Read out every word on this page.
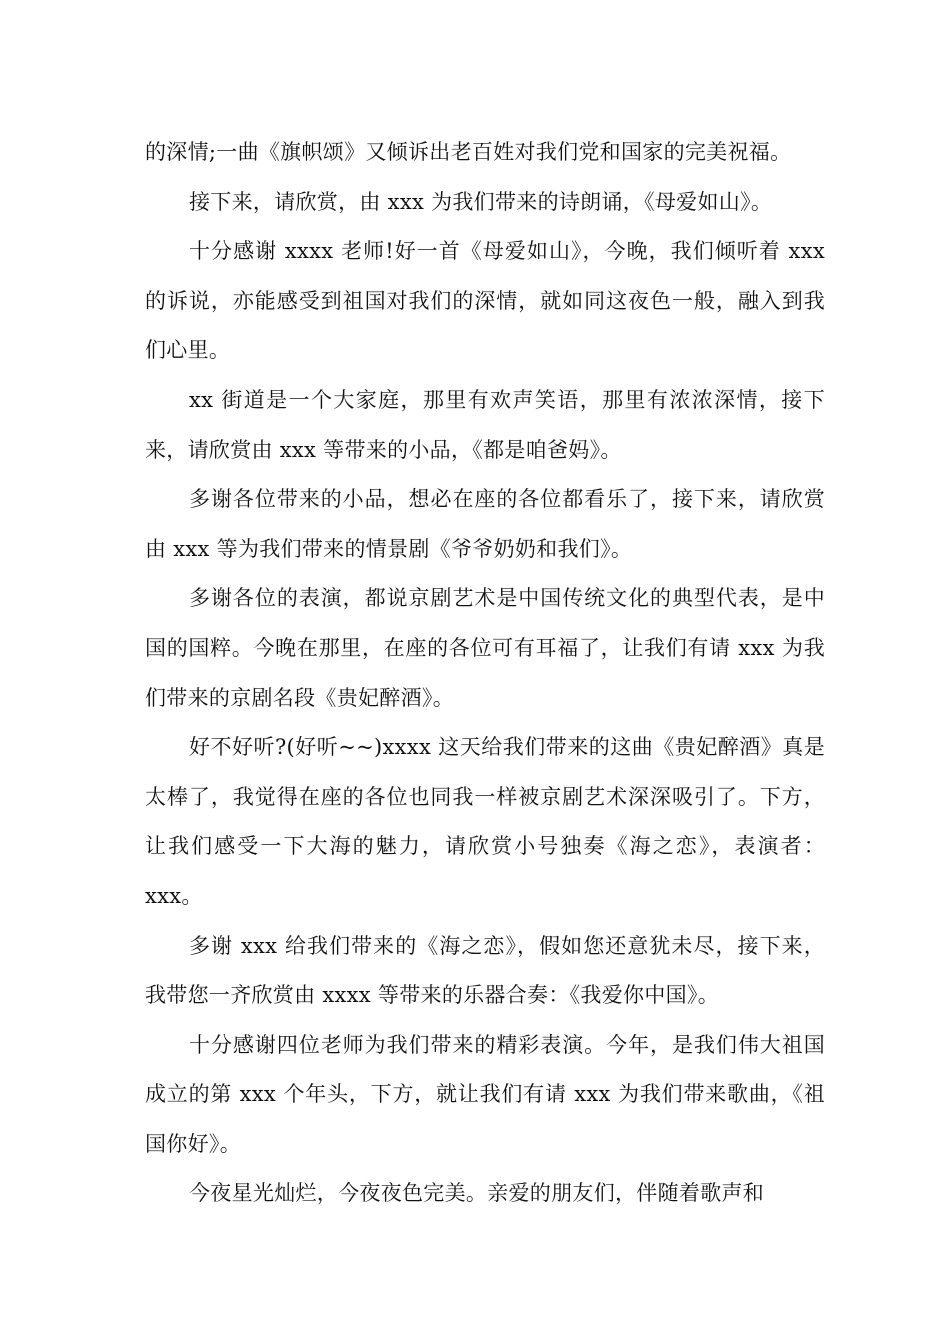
的深情;一曲《旗帜颂》又倾诉出老百姓对我们党和国家的完美祝福。

接下来，请欣赏，由 xxx 为我们带来的诗朗诵，《母爱如山》。

十分感谢 xxxx 老师!好一首《母爱如山》，今晚，我们倾听着 xxx 的诉说，亦能感受到祖国对我们的深情，就如同这夜色一般，融入到我们心里。

xx 街道是一个大家庭，那里有欢声笑语，那里有浓浓深情，接下来，请欣赏由 xxx 等带来的小品，《都是咱爸妈》。

多谢各位带来的小品，想必在座的各位都看乐了，接下来，请欣赏由 xxx 等为我们带来的情景剧《爷爷奶奶和我们》。

多谢各位的表演，都说京剧艺术是中国传统文化的典型代表，是中国的国粹。今晚在那里，在座的各位可有耳福了，让我们有请 xxx 为我们带来的京剧名段《贵妃醉酒》。

好不好听?(好听~~)xxxx 这天给我们带来的这曲《贵妃醉酒》真是太棒了，我觉得在座的各位也同我一样被京剧艺术深深吸引了。下方，让我们感受一下大海的魅力，请欣赏小号独奏《海之恋》，表演者：xxx。

多谢 xxx 给我们带来的《海之恋》，假如您还意犹未尽，接下来，我带您一齐欣赏由 xxxx 等带来的乐器合奏：《我爱你中国》。

十分感谢四位老师为我们带来的精彩表演。今年，是我们伟大祖国成立的第 xxx 个年头，下方，就让我们有请 xxx 为我们带来歌曲，《祖国你好》。

今夜星光灿烂，今夜夜色完美。亲爱的朋友们，伴随着歌声和
